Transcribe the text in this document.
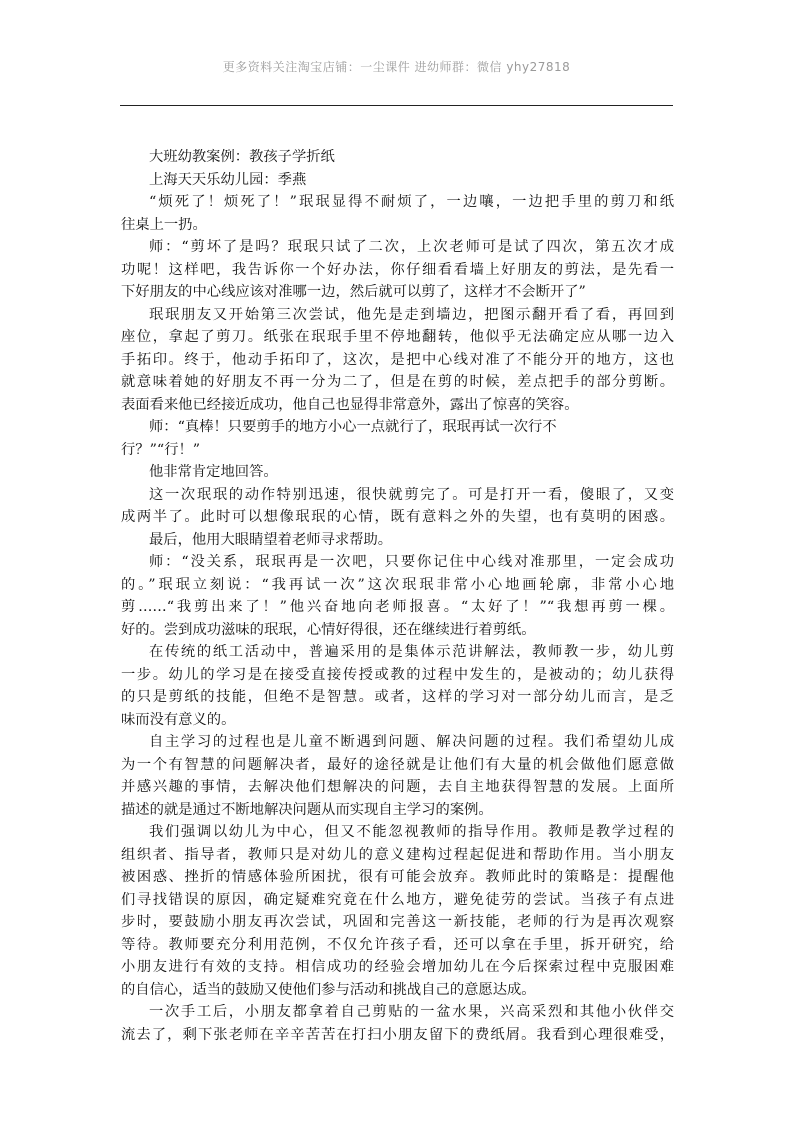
更多资料关注淘宝店铺：一尘课件 进幼师群：微信 yhy27818
大班幼教案例：教孩子学折纸
上海天天乐幼儿园：季燕
“烦死了！烦死了！”珉珉显得不耐烦了，一边嚷，一边把手里的剪刀和纸
往桌上一扔。
师：“剪坏了是吗？珉珉只试了二次，上次老师可是试了四次，第五次才成
功呢！这样吧，我告诉你一个好办法，你仔细看看墙上好朋友的剪法，是先看一
下好朋友的中心线应该对准哪一边，然后就可以剪了，这样才不会断开了”
珉珉朋友又开始第三次尝试，他先是走到墙边，把图示翻开看了看，再回到
座位，拿起了剪刀。纸张在珉珉手里不停地翻转，他似乎无法确定应从哪一边入
手拓印。终于，他动手拓印了，这次，是把中心线对准了不能分开的地方，这也
就意味着她的好朋友不再一分为二了，但是在剪的时候，差点把手的部分剪断。
表面看来他已经接近成功，他自己也显得非常意外，露出了惊喜的笑容。
师：“真棒！只要剪手的地方小心一点就行了，珉珉再试一次行不
行？”“行！”
他非常肯定地回答。
这一次珉珉的动作特别迅速，很快就剪完了。可是打开一看，傻眼了，又变
成两半了。此时可以想像珉珉的心情，既有意料之外的失望，也有莫明的困惑。
最后，他用大眼睛望着老师寻求帮助。
师：“没关系，珉珉再是一次吧，只要你记住中心线对准那里，一定会成功
的。”珉珉立刻说：“我再试一次”这次珉珉非常小心地画轮廓，非常小心地
剪……“我剪出来了！”他兴奋地向老师报喜。“太好了！”“我想再剪一棵。
好的。尝到成功滋味的珉珉，心情好得很，还在继续进行着剪纸。
在传统的纸工活动中，普遍采用的是集体示范讲解法，教师教一步，幼儿剪
一步。幼儿的学习是在接受直接传授或教的过程中发生的，是被动的；幼儿获得
的只是剪纸的技能，但绝不是智慧。或者，这样的学习对一部分幼儿而言，是乏
味而没有意义的。
自主学习的过程也是儿童不断遇到问题、解决问题的过程。我们希望幼儿成
为一个有智慧的问题解决者，最好的途径就是让他们有大量的机会做他们愿意做
并感兴趣的事情，去解决他们想解决的问题，去自主地获得智慧的发展。上面所
描述的就是通过不断地解决问题从而实现自主学习的案例。
我们强调以幼儿为中心，但又不能忽视教师的指导作用。教师是教学过程的
组织者、指导者，教师只是对幼儿的意义建构过程起促进和帮助作用。当小朋友
被困惑、挫折的情感体验所困扰，很有可能会放弃。教师此时的策略是：提醒他
们寻找错误的原因，确定疑难究竟在什么地方，避免徒劳的尝试。当孩子有点进
步时，要鼓励小朋友再次尝试，巩固和完善这一新技能，老师的行为是再次观察
等待。教师要充分利用范例，不仅允许孩子看，还可以拿在手里，拆开研究，给
小朋友进行有效的支持。相信成功的经验会增加幼儿在今后探索过程中克服困难
的自信心，适当的鼓励又使他们参与活动和挑战自己的意愿达成。
一次手工后，小朋友都拿着自己剪贴的一盆水果，兴高采烈和其他小伙伴交
流去了，剩下张老师在辛辛苦苦在打扫小朋友留下的费纸屑。我看到心理很难受，
